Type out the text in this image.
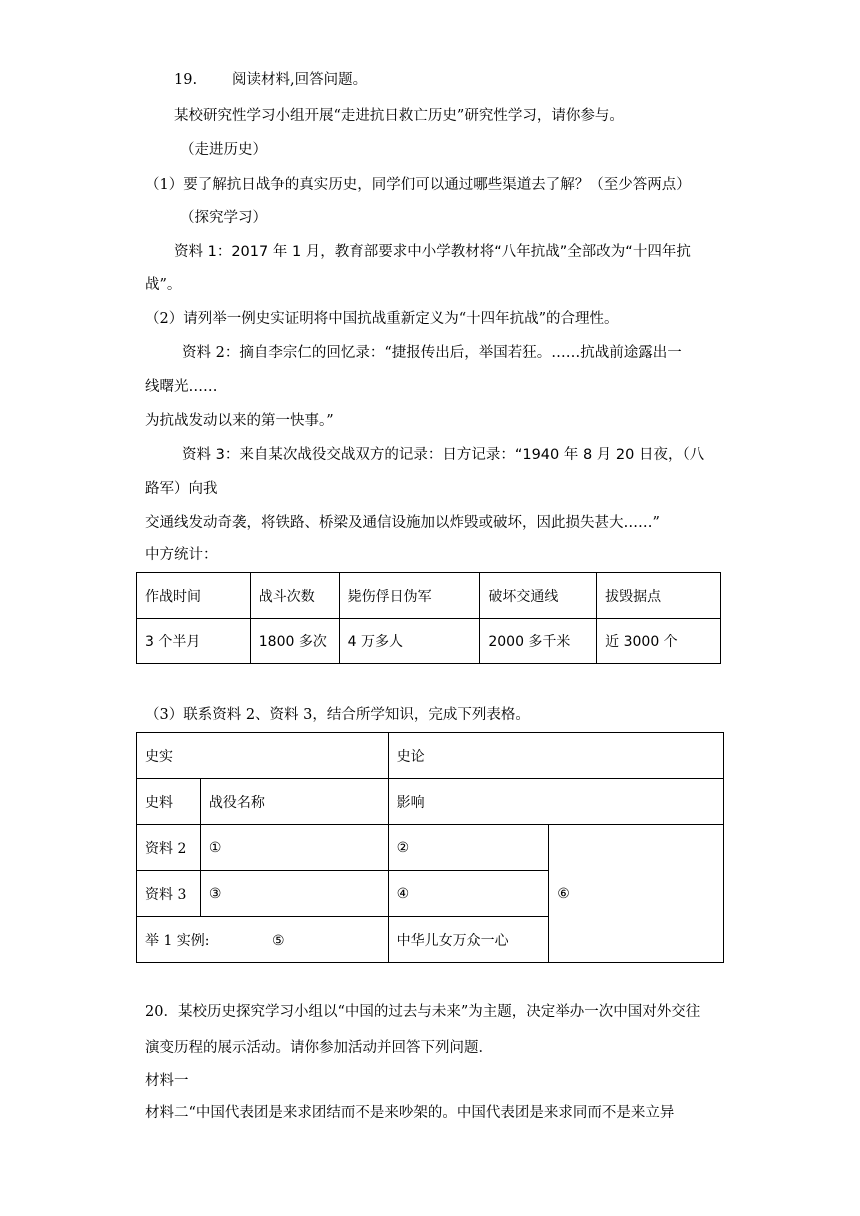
19. 阅读材料,回答问题。
某校研究性学习小组开展“走进抗日救亡历史”研究性学习，请你参与。
（走进历史）
（1）要了解抗日战争的真实历史，同学们可以通过哪些渠道去了解？（至少答两点）
（探究学习）
资料 1：2017 年 1 月，教育部要求中小学教材将“八年抗战”全部改为“十四年抗
战”。
（2）请列举一例史实证明将中国抗战重新定义为“十四年抗战”的合理性。
资料 2：摘自李宗仁的回忆录：“捷报传出后，举国若狂。……抗战前途露出一
线曙光……
为抗战发动以来的第一快事。”
资料 3：来自某次战役交战双方的记录：日方记录：“1940 年 8 月 20 日夜，（八
路军）向我
交通线发动奇袭，将铁路、桥梁及通信设施加以炸毁或破坏，因此损失甚大……”
中方统计：
作战时间	战斗次数	毙伤俘日伪军	破坏交通线	拔毁据点
3 个半月	1800 多次	4 万多人	2000 多千米	近 3000 个
（3）联系资料 2、资料 3，结合所学知识，完成下列表格。
史实		史论	
史料	战役名称	影响	
资料 2	①	②	⑥
资料 3	③	④	
举 1 实例: ⑤		中华儿女万众一心	
20．某校历史探究学习小组以“中国的过去与未来”为主题，决定举办一次中国对外交往
演变历程的展示活动。请你参加活动并回答下列问题．
材料一
材料二“中国代表团是来求团结而不是来吵架的。中国代表团是来求同而不是来立异
